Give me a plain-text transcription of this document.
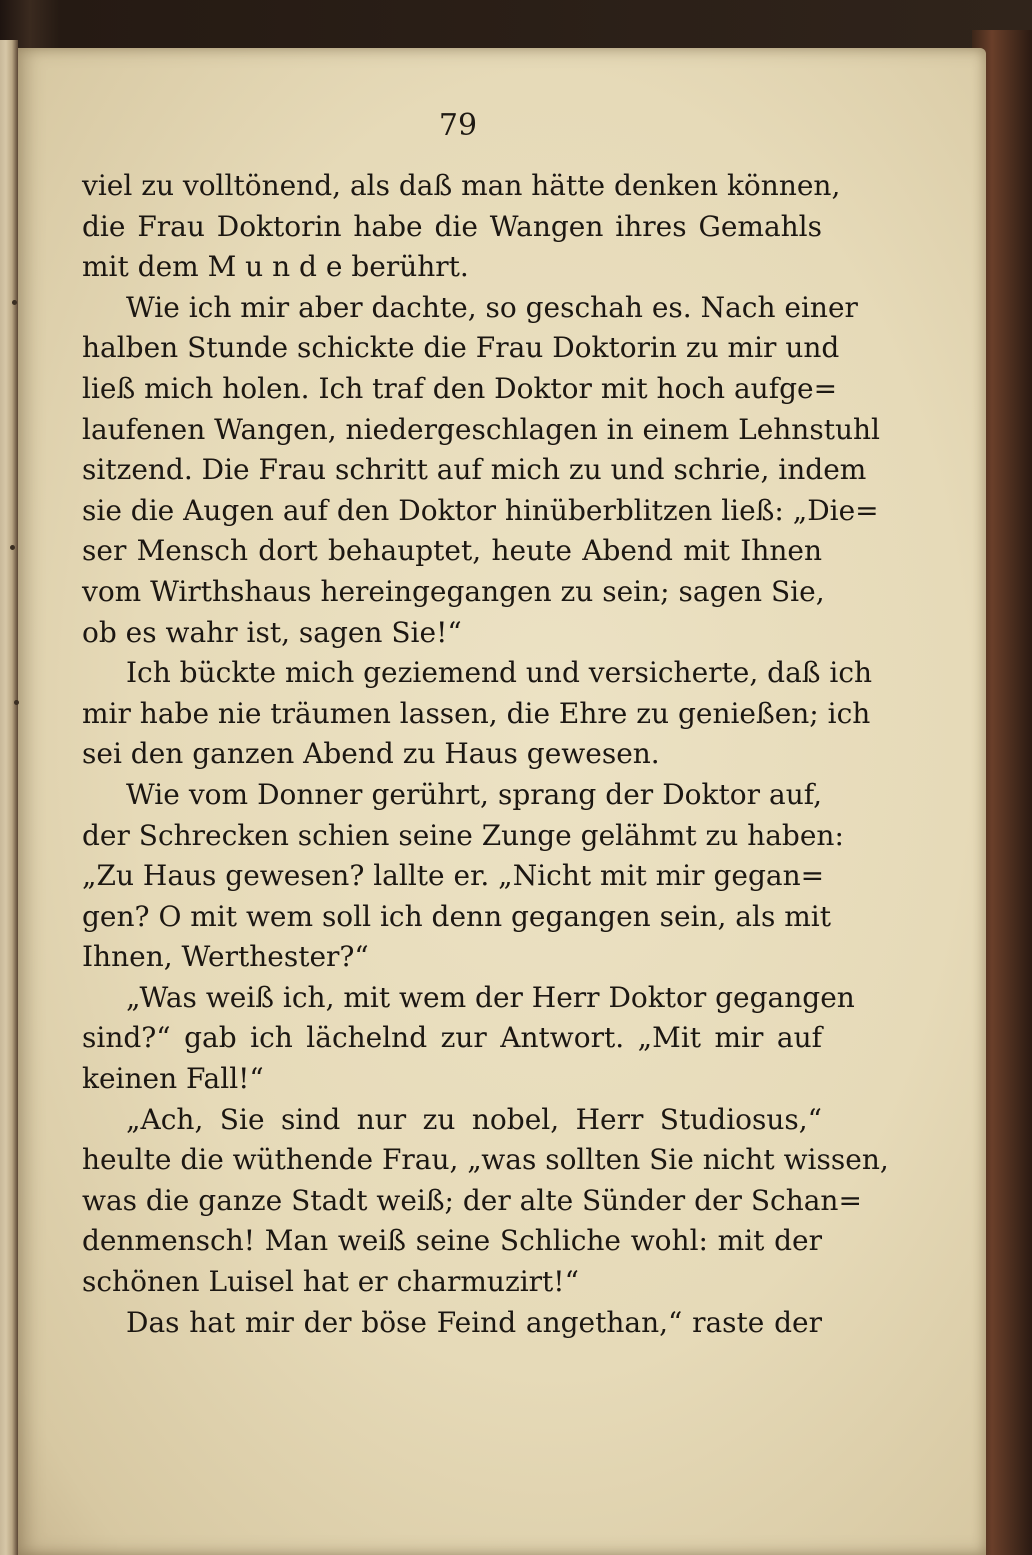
79
viel zu volltönend, als daß man hätte denken können,
die Frau Doktorin habe die Wangen ihres Gemahls
mit dem M u n d e berührt.
Wie ich mir aber dachte, so geschah es. Nach einer
halben Stunde schickte die Frau Doktorin zu mir und
ließ mich holen. Ich traf den Doktor mit hoch aufge=
laufenen Wangen, niedergeschlagen in einem Lehnstuhl
sitzend. Die Frau schritt auf mich zu und schrie, indem
sie die Augen auf den Doktor hinüberblitzen ließ: „Die=
ser Mensch dort behauptet, heute Abend mit Ihnen
vom Wirthshaus hereingegangen zu sein; sagen Sie,
ob es wahr ist, sagen Sie!“
Ich bückte mich geziemend und versicherte, daß ich
mir habe nie träumen lassen, die Ehre zu genießen; ich
sei den ganzen Abend zu Haus gewesen.
Wie vom Donner gerührt, sprang der Doktor auf,
der Schrecken schien seine Zunge gelähmt zu haben:
„Zu Haus gewesen? lallte er. „Nicht mit mir gegan=
gen? O mit wem soll ich denn gegangen sein, als mit
Ihnen, Werthester?“
„Was weiß ich, mit wem der Herr Doktor gegangen
sind?“ gab ich lächelnd zur Antwort. „Mit mir auf
keinen Fall!“
„Ach, Sie sind nur zu nobel, Herr Studiosus,“
heulte die wüthende Frau, „was sollten Sie nicht wissen,
was die ganze Stadt weiß; der alte Sünder der Schan=
denmensch! Man weiß seine Schliche wohl: mit der
schönen Luisel hat er charmuzirt!“
Das hat mir der böse Feind angethan,“ raste der
